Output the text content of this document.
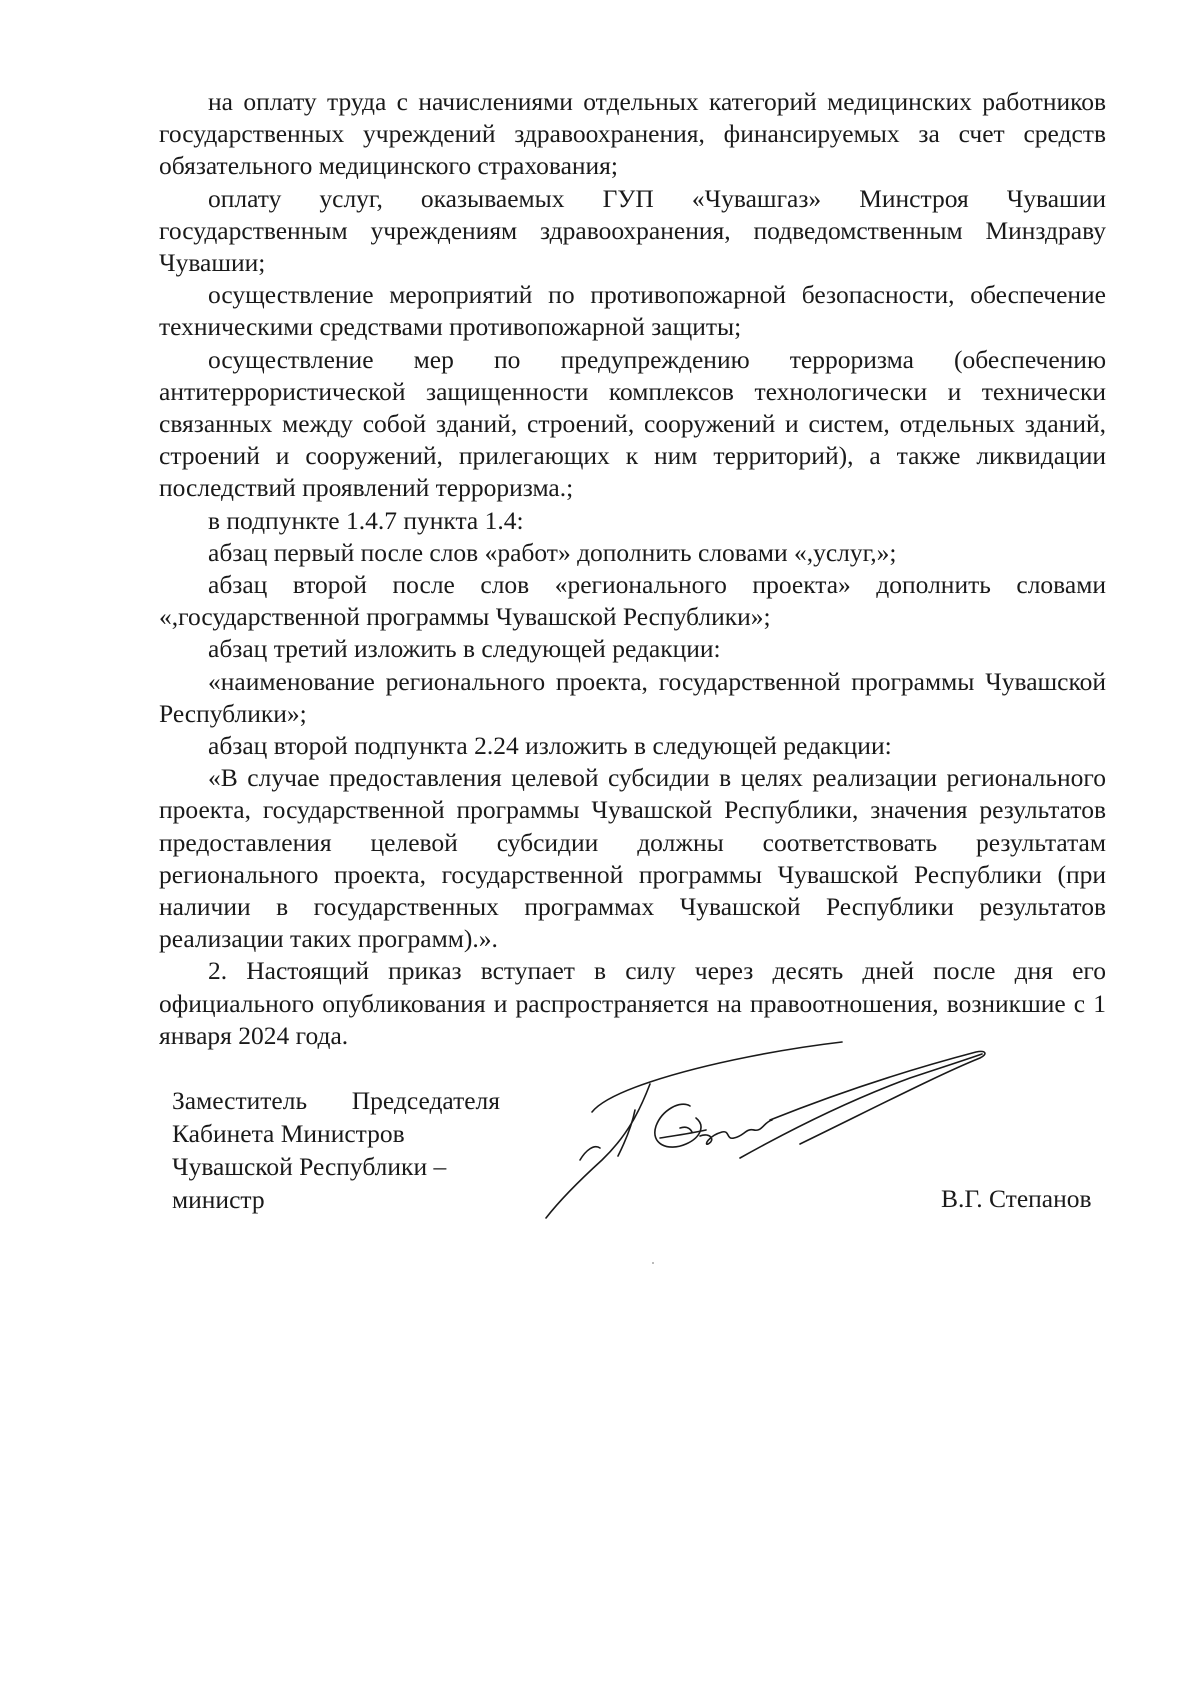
на оплату труда с начислениями отдельных категорий медицинских работников государственных учреждений здравоохранения, финансируемых за счет средств обязательного медицинского страхования;

оплату услуг, оказываемых ГУП «Чувашгаз» Минстроя Чувашии государственным учреждениям здравоохранения, подведомственным Минздраву Чувашии;

осуществление мероприятий по противопожарной безопасности, обеспечение техническими средствами противопожарной защиты;

осуществление мер по предупреждению терроризма (обеспечению антитеррористической защищенности комплексов технологически и технически связанных между собой зданий, строений, сооружений и систем, отдельных зданий, строений и сооружений, прилегающих к ним территорий), а также ликвидации последствий проявлений терроризма.;

в подпункте 1.4.7 пункта 1.4:

абзац первый после слов «работ» дополнить словами «,услуг,»;

абзац второй после слов «регионального проекта» дополнить словами «,государственной программы Чувашской Республики»;

абзац третий изложить в следующей редакции:

«наименование регионального проекта, государственной программы Чувашской Республики»;

абзац второй подпункта 2.24 изложить в следующей редакции:

«В случае предоставления целевой субсидии в целях реализации регионального проекта, государственной программы Чувашской Республики, значения результатов предоставления целевой субсидии должны соответствовать результатам регионального проекта, государственной программы Чувашской Республики (при наличии в государственных программах Чувашской Республики результатов реализации таких программ).».

2. Настоящий приказ вступает в силу через десять дней после дня его официального опубликования и распространяется на правоотношения, возникшие с 1 января 2024 года.

Заместитель Председателя
Кабинета Министров
Чувашской Республики –
министр	В.Г. Степанов
